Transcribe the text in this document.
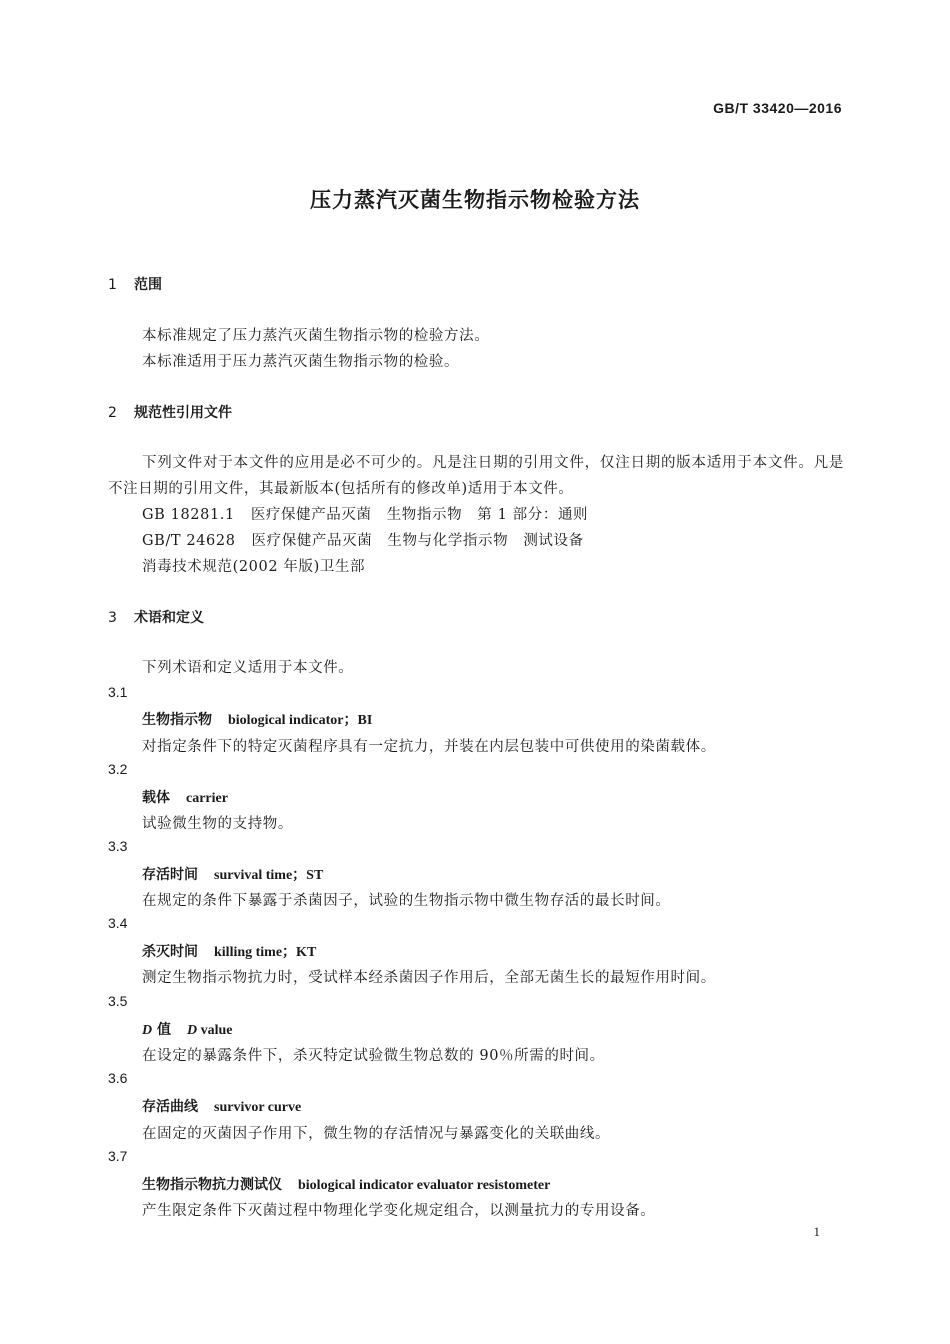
GB/T 33420—2016
压力蒸汽灭菌生物指示物检验方法
1 范围
本标准规定了压力蒸汽灭菌生物指示物的检验方法。
本标准适用于压力蒸汽灭菌生物指示物的检验。
2 规范性引用文件
下列文件对于本文件的应用是必不可少的。凡是注日期的引用文件，仅注日期的版本适用于本文件。凡是不注日期的引用文件，其最新版本(包括所有的修改单)适用于本文件。
GB 18281.1 医疗保健产品灭菌　生物指示物　第 1 部分：通则
GB/T 24628 医疗保健产品灭菌　生物与化学指示物　测试设备
消毒技术规范(2002 年版)卫生部
3 术语和定义
下列术语和定义适用于本文件。
3.1
生物指示物 biological indicator；BI
对指定条件下的特定灭菌程序具有一定抗力，并装在内层包装中可供使用的染菌载体。
3.2
载体 carrier
试验微生物的支持物。
3.3
存活时间 survival time；ST
在规定的条件下暴露于杀菌因子，试验的生物指示物中微生物存活的最长时间。
3.4
杀灭时间 killing time；KT
测定生物指示物抗力时，受试样本经杀菌因子作用后，全部无菌生长的最短作用时间。
3.5
D 值 D value
在设定的暴露条件下，杀灭特定试验微生物总数的 90％所需的时间。
3.6
存活曲线 survivor curve
在固定的灭菌因子作用下，微生物的存活情况与暴露变化的关联曲线。
3.7
生物指示物抗力测试仪 biological indicator evaluator resistometer
产生限定条件下灭菌过程中物理化学变化规定组合，以测量抗力的专用设备。
1
